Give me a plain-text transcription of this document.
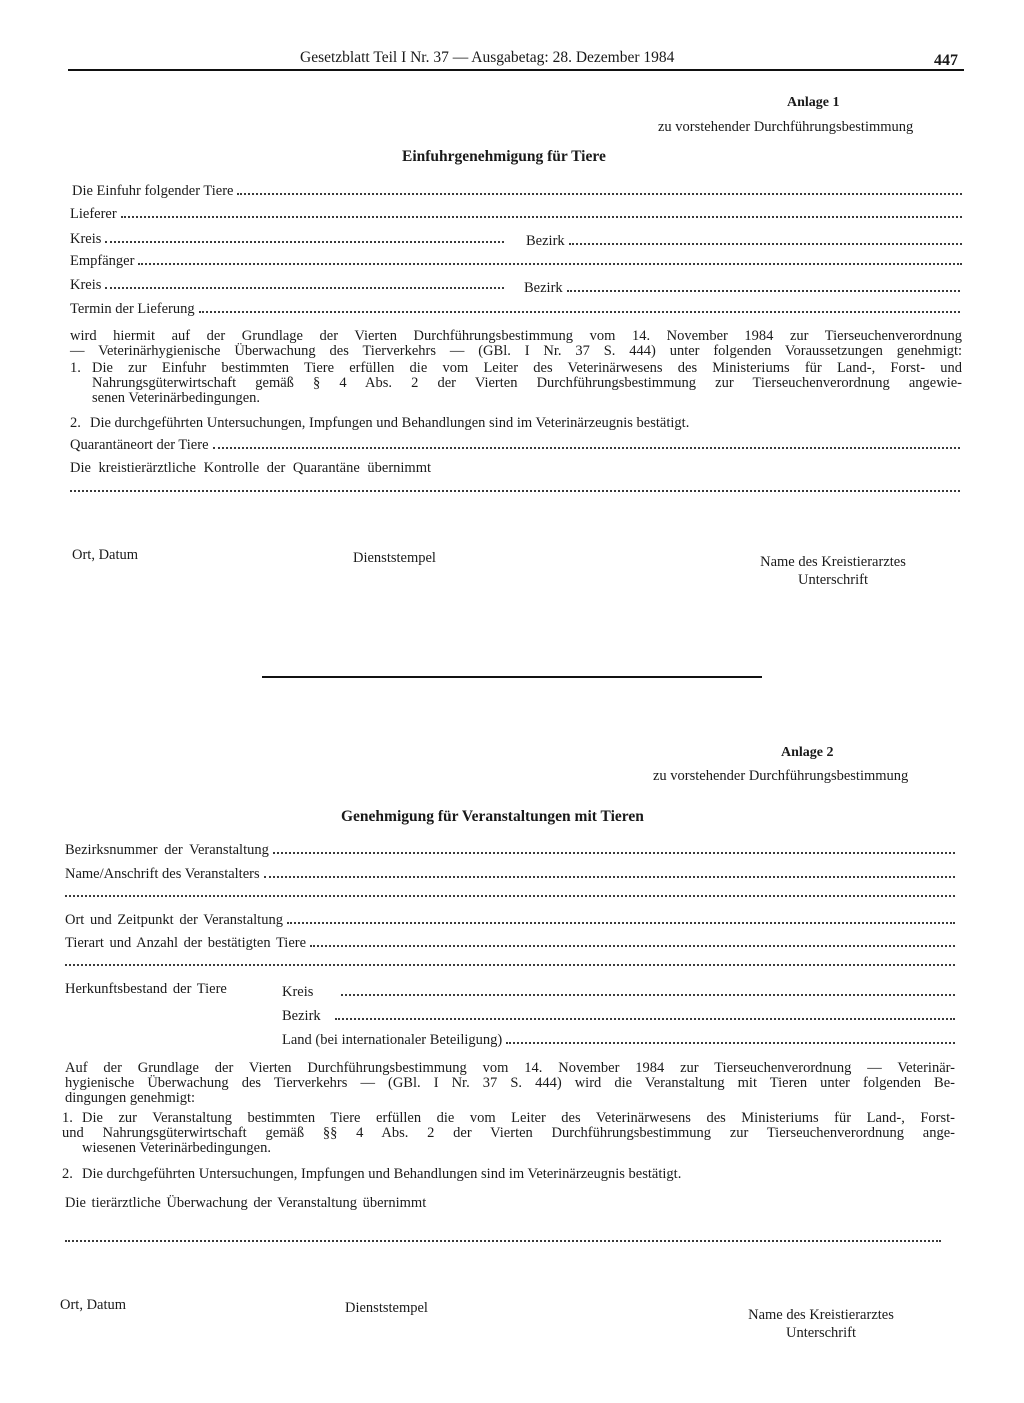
Gesetzblatt Teil I Nr. 37 — Ausgabetag: 28. Dezember 1984	447
Anlage 1
zu vorstehender Durchführungsbestimmung
Einfuhrgenehmigung für Tiere
Die Einfuhr folgender Tiere
Lieferer
Kreis	Bezirk
Empfänger
Kreis	Bezirk
Termin der Lieferung
wird hiermit auf der Grundlage der Vierten Durchführungsbestimmung vom 14. November 1984 zur Tierseuchenverordnung
— Veterinärhygienische Überwachung des Tierverkehrs — (GBl. I Nr. 37 S. 444) unter folgenden Voraussetzungen genehmigt:
1. Die zur Einfuhr bestimmten Tiere erfüllen die vom Leiter des Veterinärwesens des Ministeriums für Land-, Forst- und
Nahrungsgüterwirtschaft gemäß § 4 Abs. 2 der Vierten Durchführungsbestimmung zur Tierseuchenverordnung angewie-
senen Veterinärbedingungen.
2. Die durchgeführten Untersuchungen, Impfungen und Behandlungen sind im Veterinärzeugnis bestätigt.
Quarantäneort der Tiere
Die kreistierärztliche Kontrolle der Quarantäne übernimmt
Ort, Datum	Dienststempel	Name des Kreistierarztes
Unterschrift
Anlage 2
zu vorstehender Durchführungsbestimmung
Genehmigung für Veranstaltungen mit Tieren
Bezirksnummer der Veranstaltung
Name/Anschrift des Veranstalters
Ort und Zeitpunkt der Veranstaltung
Tierart und Anzahl der bestätigten Tiere
Herkunftsbestand der Tiere	Kreis
Bezirk
Land (bei internationaler Beteiligung)
Auf der Grundlage der Vierten Durchführungsbestimmung vom 14. November 1984 zur Tierseuchenverordnung — Veterinär-
hygienische Überwachung des Tierverkehrs — (GBl. I Nr. 37 S. 444) wird die Veranstaltung mit Tieren unter folgenden Be-
dingungen genehmigt:
1. Die zur Veranstaltung bestimmten Tiere erfüllen die vom Leiter des Veterinärwesens des Ministeriums für Land-, Forst-
und Nahrungsgüterwirtschaft gemäß §§ 4 Abs. 2 der Vierten Durchführungsbestimmung zur Tierseuchenverordnung ange-
wiesenen Veterinärbedingungen.
2. Die durchgeführten Untersuchungen, Impfungen und Behandlungen sind im Veterinärzeugnis bestätigt.
Die tierärztliche Überwachung der Veranstaltung übernimmt
Ort, Datum	Dienststempel	Name des Kreistierarztes
Unterschrift
